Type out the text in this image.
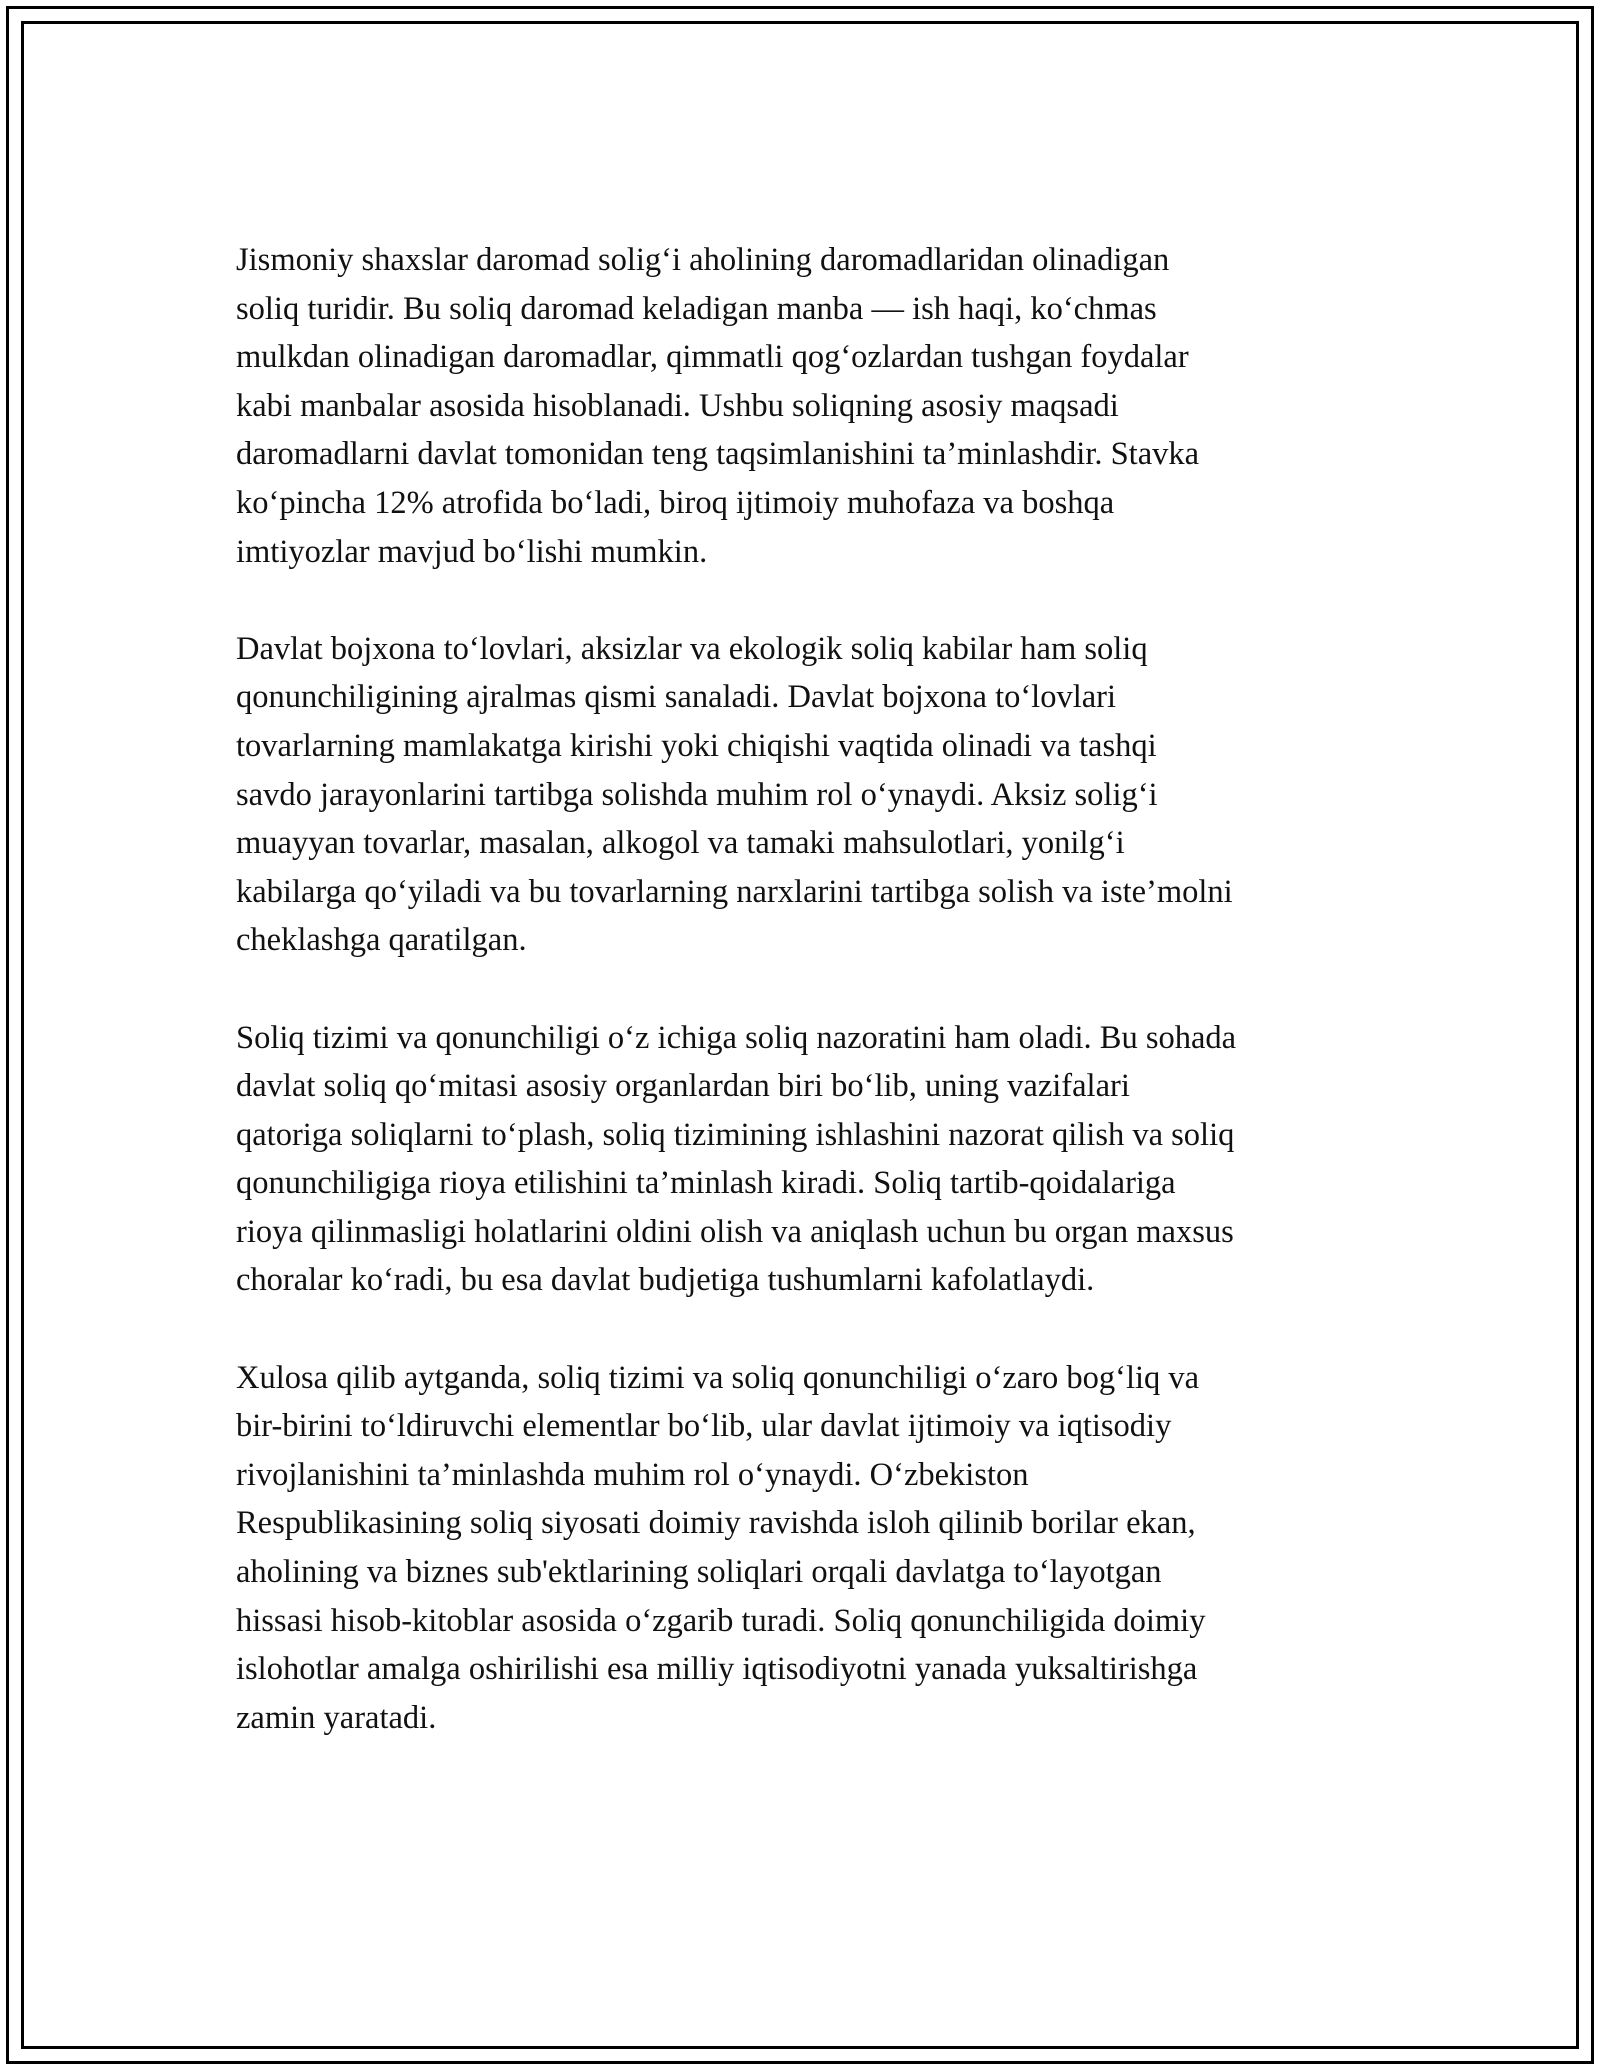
Jismoniy shaxslar daromad solig‘i aholining daromadlaridan olinadigan
soliq turidir. Bu soliq daromad keladigan manba — ish haqi, ko‘chmas
mulkdan olinadigan daromadlar, qimmatli qog‘ozlardan tushgan foydalar
kabi manbalar asosida hisoblanadi. Ushbu soliqning asosiy maqsadi
daromadlarni davlat tomonidan teng taqsimlanishini ta’minlashdir. Stavka
ko‘pincha 12% atrofida bo‘ladi, biroq ijtimoiy muhofaza va boshqa
imtiyozlar mavjud bo‘lishi mumkin.

Davlat bojxona to‘lovlari, aksizlar va ekologik soliq kabilar ham soliq
qonunchiligining ajralmas qismi sanaladi. Davlat bojxona to‘lovlari
tovarlarning mamlakatga kirishi yoki chiqishi vaqtida olinadi va tashqi
savdo jarayonlarini tartibga solishda muhim rol o‘ynaydi. Aksiz solig‘i
muayyan tovarlar, masalan, alkogol va tamaki mahsulotlari, yonilg‘i
kabilarga qo‘yiladi va bu tovarlarning narxlarini tartibga solish va iste’molni
cheklashga qaratilgan.

Soliq tizimi va qonunchiligi o‘z ichiga soliq nazoratini ham oladi. Bu sohada
davlat soliq qo‘mitasi asosiy organlardan biri bo‘lib, uning vazifalari
qatoriga soliqlarni to‘plash, soliq tizimining ishlashini nazorat qilish va soliq
qonunchiligiga rioya etilishini ta’minlash kiradi. Soliq tartib-qoidalariga
rioya qilinmasligi holatlarini oldini olish va aniqlash uchun bu organ maxsus
choralar ko‘radi, bu esa davlat budjetiga tushumlarni kafolatlaydi.

Xulosa qilib aytganda, soliq tizimi va soliq qonunchiligi o‘zaro bog‘liq va
bir-birini to‘ldiruvchi elementlar bo‘lib, ular davlat ijtimoiy va iqtisodiy
rivojlanishini ta’minlashda muhim rol o‘ynaydi. O‘zbekiston
Respublikasining soliq siyosati doimiy ravishda isloh qilinib borilar ekan,
aholining va biznes sub'ektlarining soliqlari orqali davlatga to‘layotgan
hissasi hisob-kitoblar asosida o‘zgarib turadi. Soliq qonunchiligida doimiy
islohotlar amalga oshirilishi esa milliy iqtisodiyotni yanada yuksaltirishga
zamin yaratadi.
